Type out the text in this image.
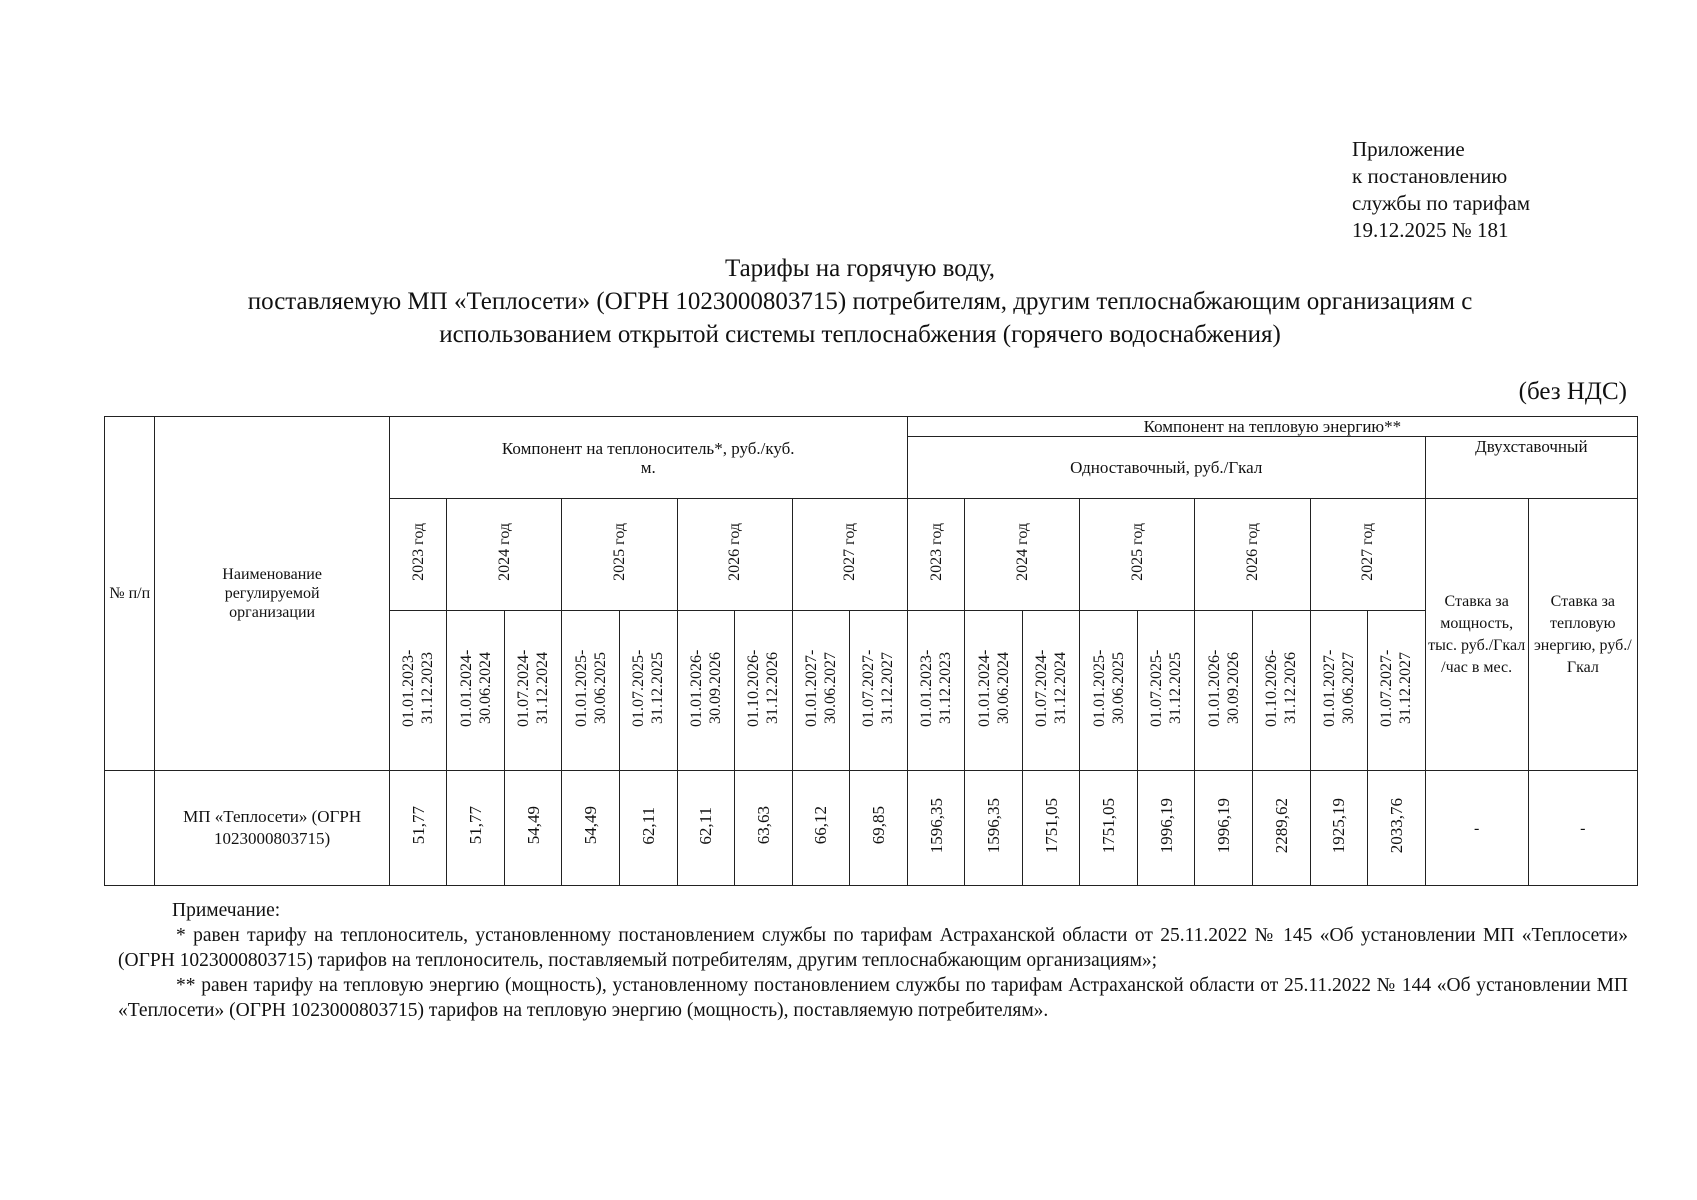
Приложение
к постановлению
службы по тарифам
19.12.2025 № 181
Тарифы на горячую воду,
поставляемую МП «Теплосети» (ОГРН 1023000803715) потребителям, другим теплоснабжающим организациям с
использованием открытой системы теплоснабжения (горячего водоснабжения)
(без НДС)
№ п/п	Наименование регулируемой организации	Компонент на теплоноситель*, руб./куб. м.									Компонент на тепловую энергию**										
											Одноставочный, руб./Гкал									Двухставочный	
		2023 год	2024 год		2025 год		2026 год		2027 год		2023 год	2024 год		2025 год		2026 год		2027 год		Ставка за мощность, тыс. руб./Гкал /час в мес.	Ставка за тепловую энергию, руб./Гкал
		01.01.2023- 31.12.2023	01.01.2024- 30.06.2024	01.07.2024- 31.12.2024	01.01.2025- 30.06.2025	01.07.2025- 31.12.2025	01.01.2026- 30.09.2026	01.10.2026- 31.12.2026	01.01.2027- 30.06.2027	01.07.2027- 31.12.2027	01.01.2023- 31.12.2023	01.01.2024- 30.06.2024	01.07.2024- 31.12.2024	01.01.2025- 30.06.2025	01.07.2025- 31.12.2025	01.01.2026- 30.09.2026	01.10.2026- 31.12.2026	01.01.2027- 30.06.2027	01.07.2027- 31.12.2027		
	МП «Теплосети» (ОГРН 1023000803715)	51,77	51,77	54,49	54,49	62,11	62,11	63,63	66,12	69,85	1596,35	1596,35	1751,05	1751,05	1996,19	1996,19	2289,62	1925,19	2033,76	-	-

Примечание:

* равен тарифу на теплоноситель, установленному постановлением службы по тарифам Астраханской области от 25.11.2022 № 145 «Об установлении МП «Теплосети» (ОГРН 1023000803715) тарифов на теплоноситель, поставляемый потребителям, другим теплоснабжающим организациям»;

** равен тарифу на тепловую энергию (мощность), установленному постановлением службы по тарифам Астраханской области от 25.11.2022 № 144 «Об установлении МП «Теплосети» (ОГРН 1023000803715) тарифов на тепловую энергию (мощность), поставляемую потребителям».
